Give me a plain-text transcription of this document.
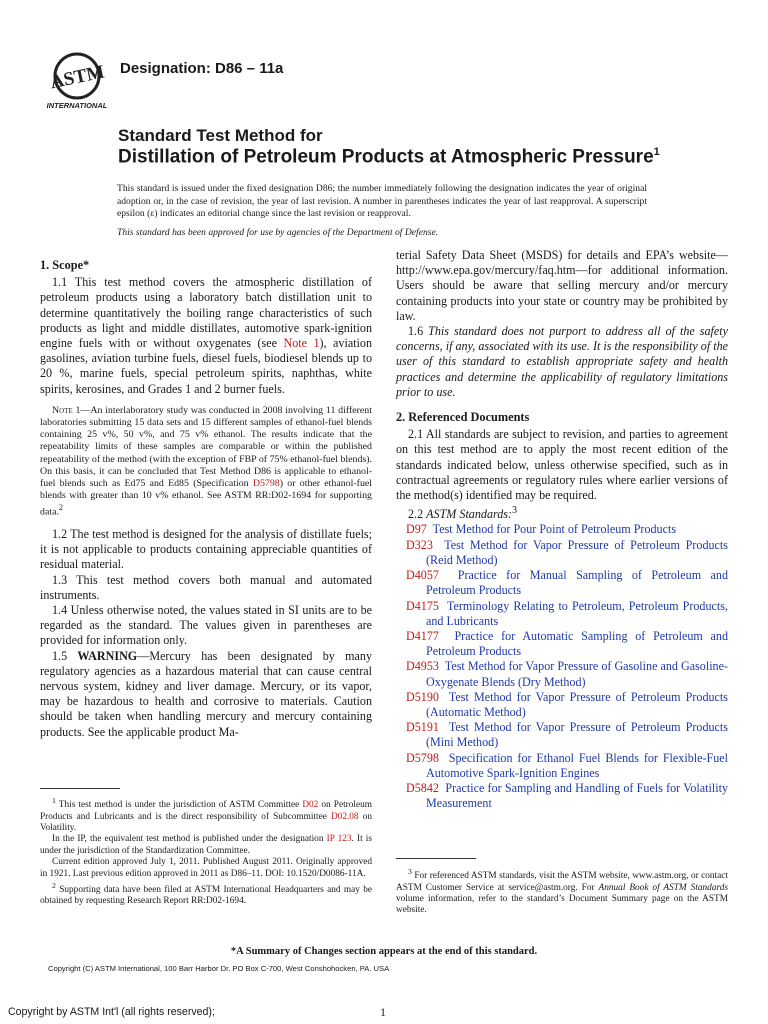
ASTM
INTERNATIONAL
Designation: D86 – 11a
Standard Test Method for
Distillation of Petroleum Products at Atmospheric Pressure$^1$
This standard is issued under the fixed designation D86; the number immediately following the designation indicates the year of original adoption or, in the case of revision, the year of last revision. A number in parentheses indicates the year of last reapproval. A superscript epsilon (ε) indicates an editorial change since the last revision or reapproval.
This standard has been approved for use by agencies of the Department of Defense.
1. Scope*

1.1 This test method covers the atmospheric distillation of petroleum products using a laboratory batch distillation unit to determine quantitatively the boiling range characteristics of such products as light and middle distillates, automotive spark-ignition engine fuels with or without oxygenates (see Note 1), aviation gasolines, aviation turbine fuels, diesel fuels, biodiesel blends up to 20 %, marine fuels, special petroleum spirits, naphthas, white spirits, kerosines, and Grades 1 and 2 burner fuels.

Note 1—An interlaboratory study was conducted in 2008 involving 11 different laboratories submitting 15 data sets and 15 different samples of ethanol-fuel blends containing 25 v%, 50 v%, and 75 v% ethanol. The results indicate that the repeatability limits of these samples are comparable or within the published repeatability of the method (with the exception of FBP of 75% ethanol-fuel blends). On this basis, it can be concluded that Test Method D86 is applicable to ethanol-fuel blends such as Ed75 and Ed85 (Specification D5798) or other ethanol-fuel blends with greater than 10 v% ethanol. See ASTM RR:D02-1694 for supporting data.$^2$

1.2 The test method is designed for the analysis of distillate fuels; it is not applicable to products containing appreciable quantities of residual material.

1.3 This test method covers both manual and automated instruments.

1.4 Unless otherwise noted, the values stated in SI units are to be regarded as the standard. The values given in parentheses are provided for information only.

1.5 WARNING—Mercury has been designated by many regulatory agencies as a hazardous material that can cause central nervous system, kidney and liver damage. Mercury, or its vapor, may be hazardous to health and corrosive to materials. Caution should be taken when handling mercury and mercury containing products. See the applicable product Ma-

terial Safety Data Sheet (MSDS) for details and EPA’s website—http://www.epa.gov/mercury/faq.htm—for additional information. Users should be aware that selling mercury and/or mercury containing products into your state or country may be prohibited by law.

1.6 This standard does not purport to address all of the safety concerns, if any, associated with its use. It is the responsibility of the user of this standard to establish appropriate safety and health practices and determine the applicability of regulatory limitations prior to use.

2. Referenced Documents

2.1 All standards are subject to revision, and parties to agreement on this test method are to apply the most recent edition of the standards indicated below, unless otherwise specified, such as in contractual agreements or regulatory rules where earlier versions of the method(s) identified may be required.

2.2 ASTM Standards:$^3$

D97 Test Method for Pour Point of Petroleum Products
D323 Test Method for Vapor Pressure of Petroleum Products (Reid Method)
D4057 Practice for Manual Sampling of Petroleum and Petroleum Products
D4175 Terminology Relating to Petroleum, Petroleum Products, and Lubricants
D4177 Practice for Automatic Sampling of Petroleum and Petroleum Products
D4953 Test Method for Vapor Pressure of Gasoline and Gasoline-Oxygenate Blends (Dry Method)
D5190 Test Method for Vapor Pressure of Petroleum Products (Automatic Method)
D5191 Test Method for Vapor Pressure of Petroleum Products (Mini Method)
D5798 Specification for Ethanol Fuel Blends for Flexible-Fuel Automotive Spark-Ignition Engines
D5842 Practice for Sampling and Handling of Fuels for Volatility Measurement

$^1$ This test method is under the jurisdiction of ASTM Committee D02 on Petroleum Products and Lubricants and is the direct responsibility of Subcommittee D02.08 on Volatility.

In the IP, the equivalent test method is published under the designation IP 123. It is under the jurisdiction of the Standardization Committee.

Current edition approved July 1, 2011. Published August 2011. Originally approved in 1921. Last previous edition approved in 2011 as D86–11. DOI: 10.1520/D0086-11A.

$^2$ Supporting data have been filed at ASTM International Headquarters and may be obtained by requesting Research Report RR:D02-1694.

$^3$ For referenced ASTM standards, visit the ASTM website, www.astm.org, or contact ASTM Customer Service at service@astm.org. For Annual Book of ASTM Standards volume information, refer to the standard’s Document Summary page on the ASTM website.

*A Summary of Changes section appears at the end of this standard.
Copyright (C) ASTM International, 100 Barr Harbor Dr. PO Box C-700, West Conshohocken, PA. USA
Copyright by ASTM Int'l (all rights reserved);	1
